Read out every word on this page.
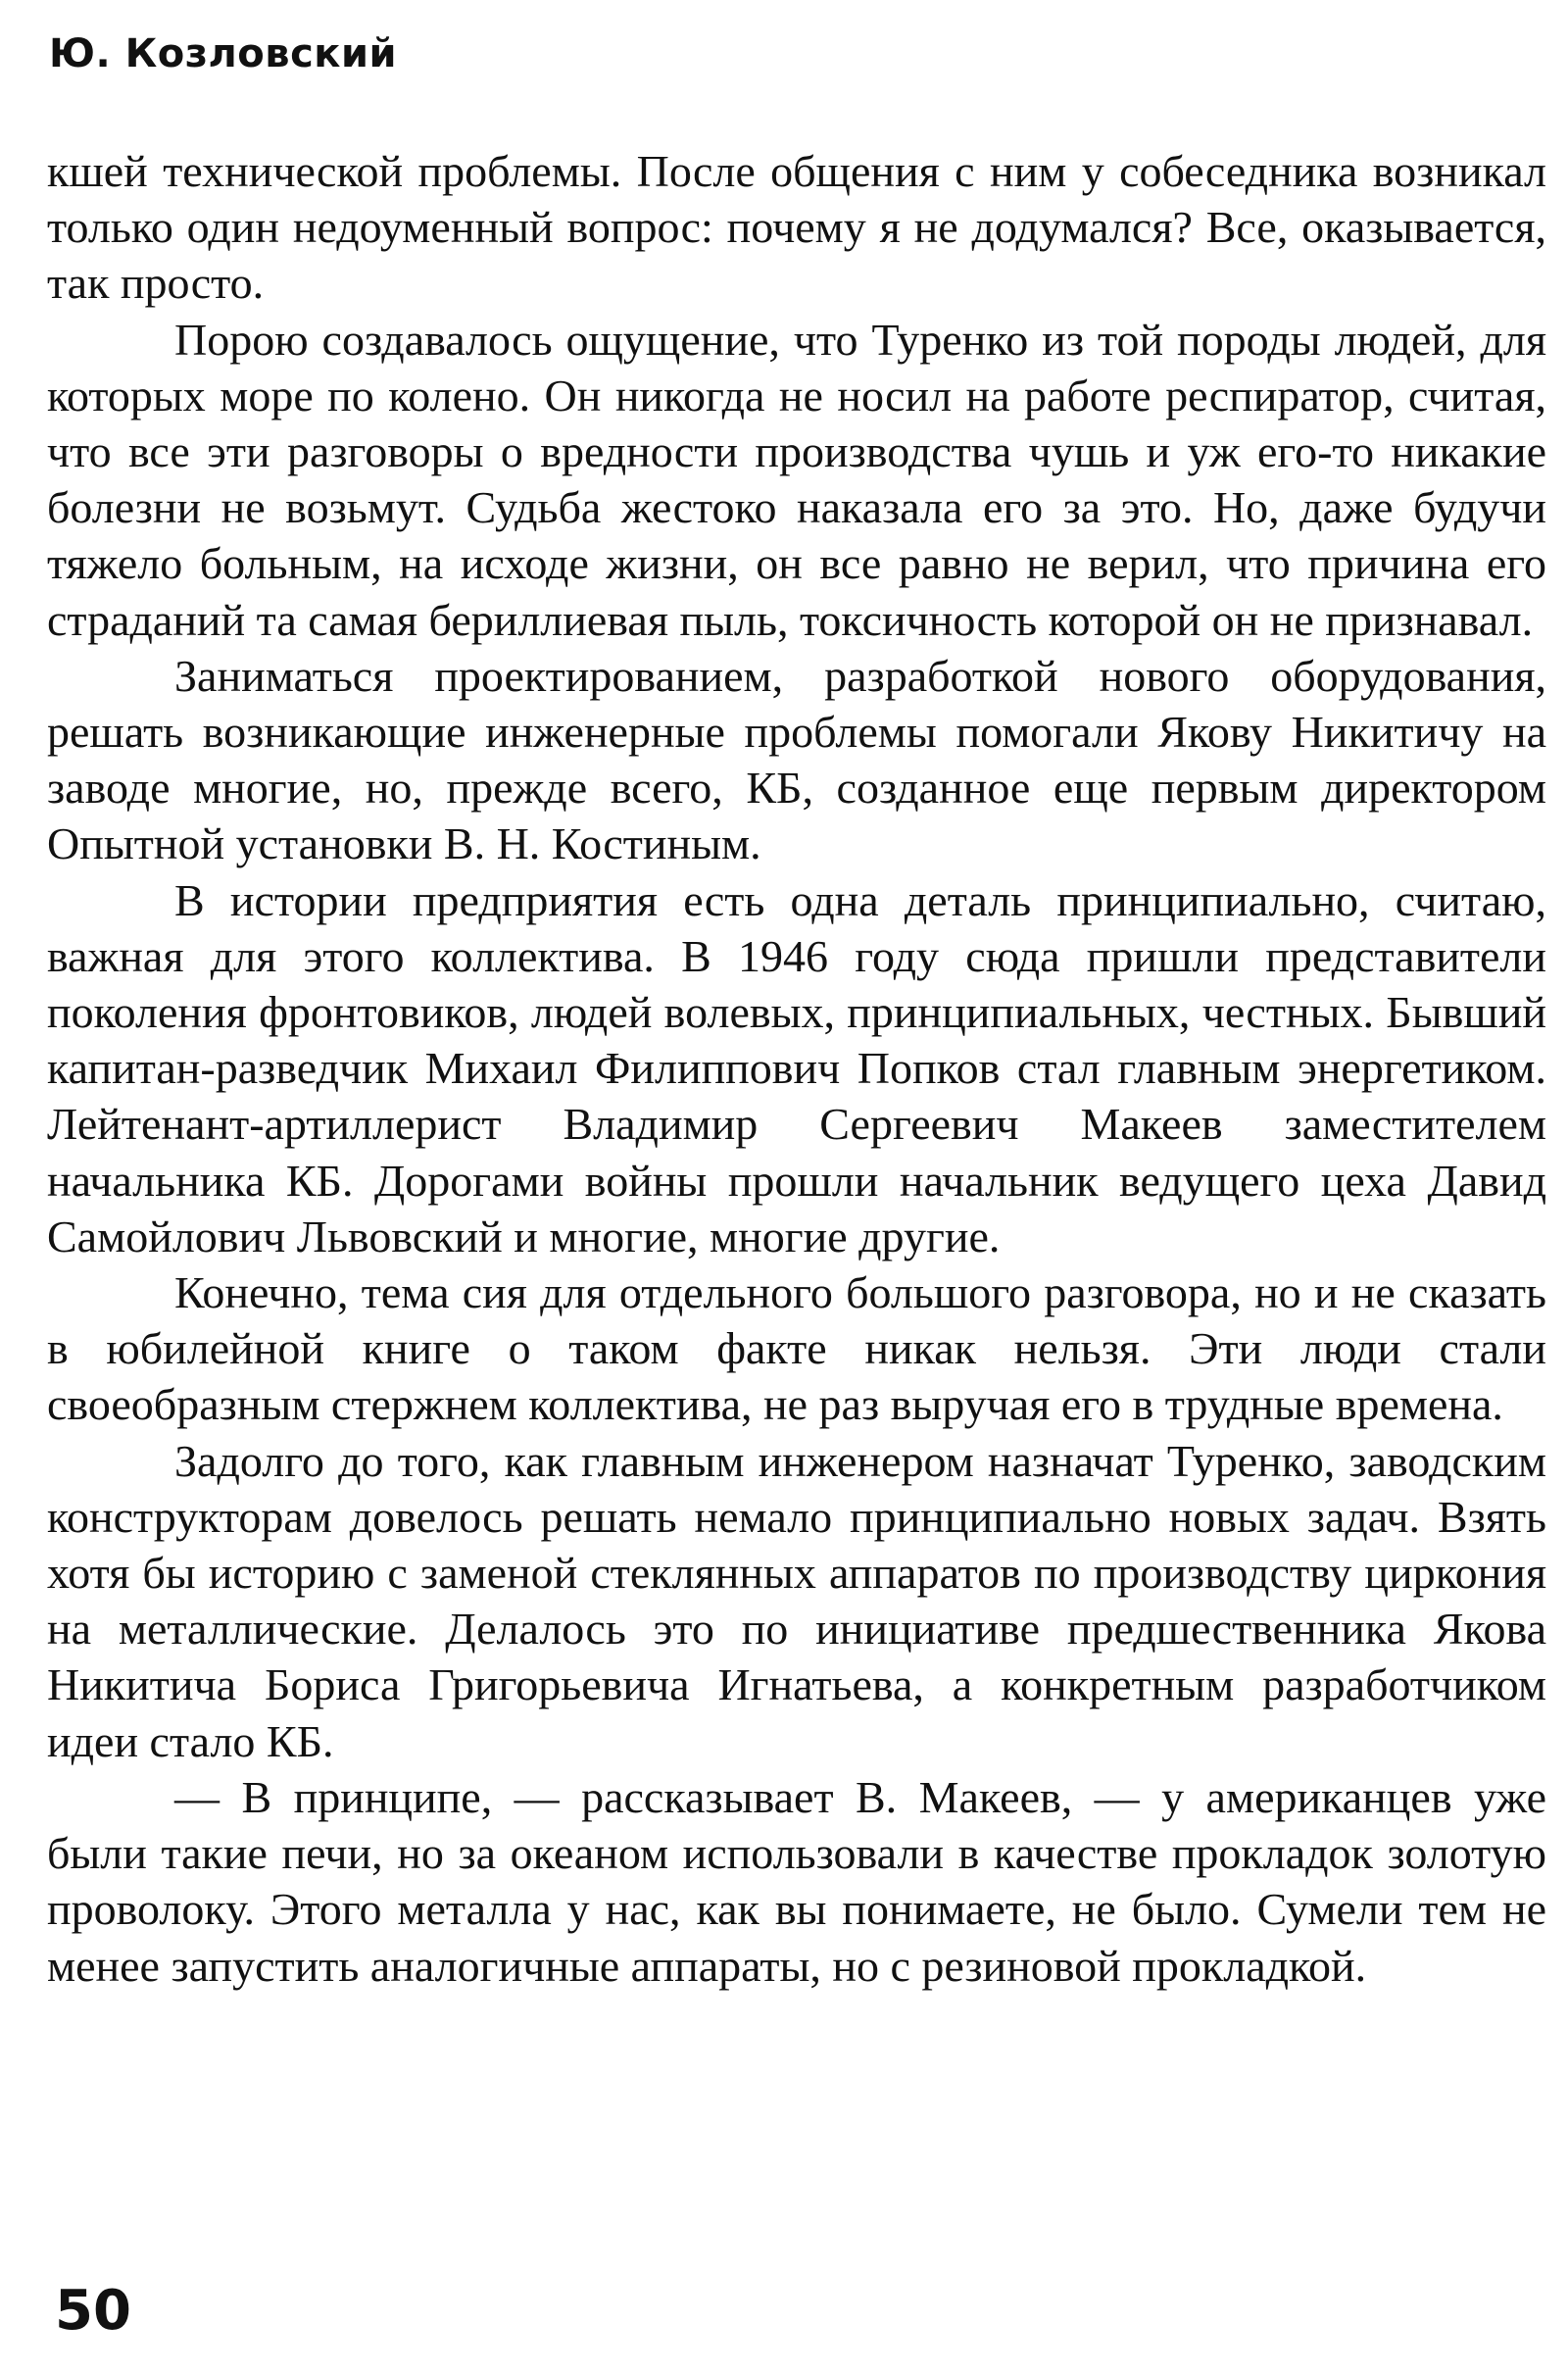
Ю. Козловский

кшей технической проблемы. После общения с ним у собеседника возникал только один недоуменный вопрос: почему я не додумался? Все, оказывается, так просто.

Порою создавалось ощущение, что Туренко из той породы людей, для которых море по колено. Он никогда не носил на работе респиратор, считая, что все эти разговоры о вредности производства чушь и уж его-то никакие болезни не возьмут. Судьба жестоко наказала его за это. Но, даже будучи тяжело больным, на исходе жизни, он все равно не верил, что причина его страданий та самая бериллиевая пыль, токсичность которой он не признавал.

Заниматься проектированием, разработкой нового оборудования, решать возникающие инженерные проблемы помогали Якову Никитичу на заводе многие, но, прежде всего, КБ, созданное еще первым директором Опытной установки В. Н. Костиным.

В истории предприятия есть одна деталь принципиально, считаю, важная для этого коллектива. В 1946 году сюда пришли представители поколения фронтовиков, людей волевых, принципиальных, честных. Бывший капитан-разведчик Михаил Филиппович Попков стал главным энергетиком. Лейтенант-артиллерист Владимир Сергеевич Макеев заместителем начальника КБ. Дорогами войны прошли начальник ведущего цеха Давид Самойлович Львовский и многие, многие другие.

Конечно, тема сия для отдельного большого разговора, но и не сказать в юбилейной книге о таком факте никак нельзя. Эти люди стали своеобразным стержнем коллектива, не раз выручая его в трудные времена.

Задолго до того, как главным инженером назначат Туренко, заводским конструкторам довелось решать немало принципиально новых задач. Взять хотя бы историю с заменой стеклянных аппаратов по производству циркония на металлические. Делалось это по инициативе предшественника Якова Никитича Бориса Григорьевича Игнатьева, а конкретным разработчиком идеи стало КБ.

— В принципе, — рассказывает В. Макеев, — у американцев уже были такие печи, но за океаном использовали в качестве прокладок золотую проволоку. Этого металла у нас, как вы понимаете, не было. Сумели тем не менее запустить аналогичные аппараты, но с резиновой прокладкой.

50
